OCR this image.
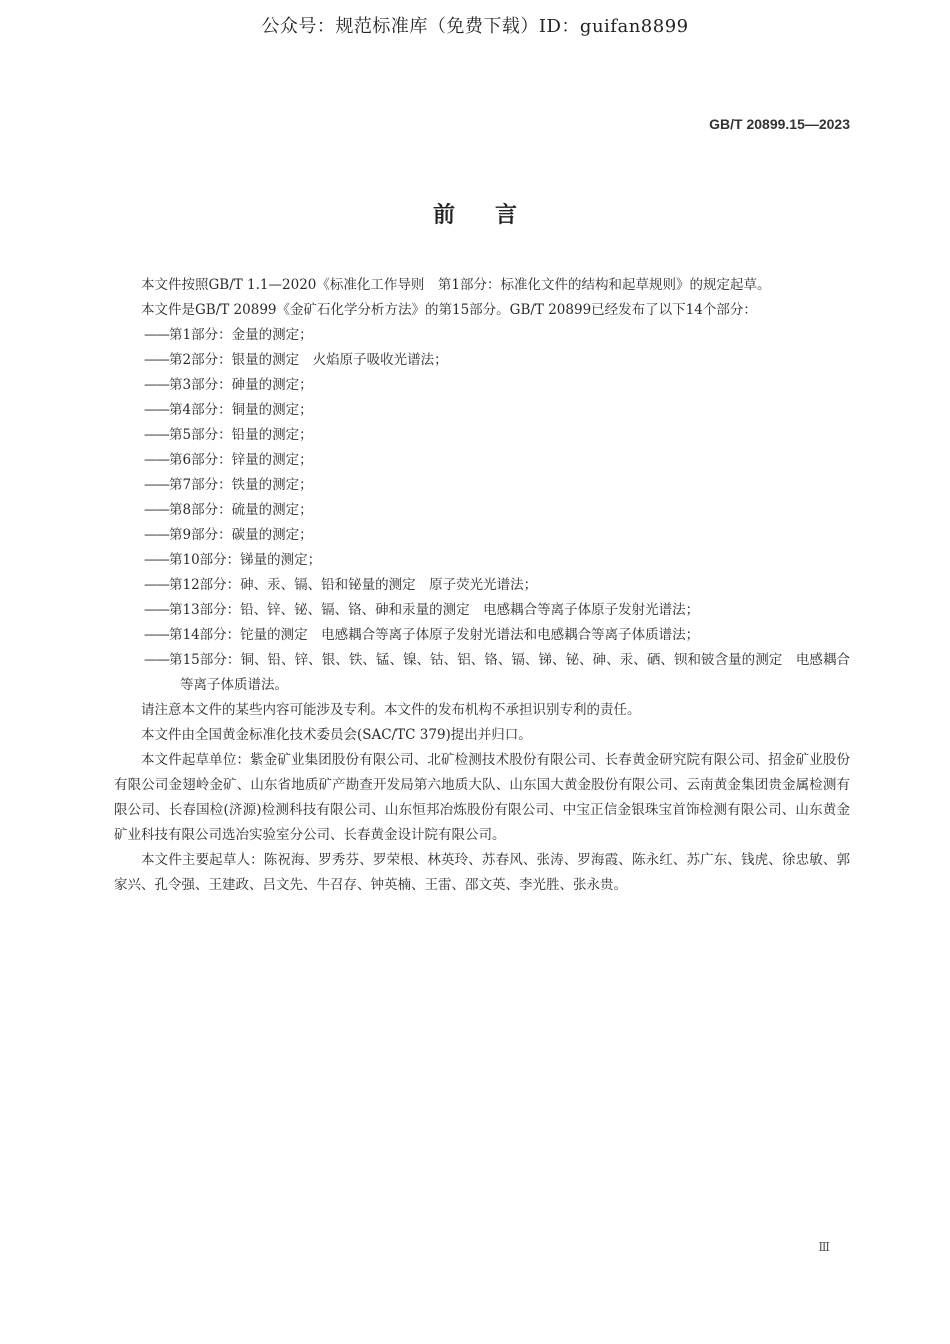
公众号：规范标准库（免费下载）ID：guifan8899
GB/T 20899.15—2023
前言

本文件按照GB/T 1.1—2020《标准化工作导则　第1部分：标准化文件的结构和起草规则》的规定起草。

本文件是GB/T 20899《金矿石化学分析方法》的第15部分。GB/T 20899已经发布了以下14个部分：

——第1部分：金量的测定；

——第2部分：银量的测定　火焰原子吸收光谱法；

——第3部分：砷量的测定；

——第4部分：铜量的测定；

——第5部分：铅量的测定；

——第6部分：锌量的测定；

——第7部分：铁量的测定；

——第8部分：硫量的测定；

——第9部分：碳量的测定；

——第10部分：锑量的测定；

——第12部分：砷、汞、镉、铅和铋量的测定　原子荧光光谱法；

——第13部分：铅、锌、铋、镉、铬、砷和汞量的测定　电感耦合等离子体原子发射光谱法；

——第14部分：铊量的测定　电感耦合等离子体原子发射光谱法和电感耦合等离子体质谱法；

——第15部分：铜、铅、锌、银、铁、锰、镍、钴、铝、铬、镉、锑、铋、砷、汞、硒、钡和铍含量的测定　电感耦合等离子体质谱法。

请注意本文件的某些内容可能涉及专利。本文件的发布机构不承担识别专利的责任。

本文件由全国黄金标准化技术委员会(SAC/TC 379)提出并归口。

本文件起草单位：紫金矿业集团股份有限公司、北矿检测技术股份有限公司、长春黄金研究院有限公司、招金矿业股份有限公司金翅岭金矿、山东省地质矿产勘查开发局第六地质大队、山东国大黄金股份有限公司、云南黄金集团贵金属检测有限公司、长春国检(济源)检测科技有限公司、山东恒邦冶炼股份有限公司、中宝正信金银珠宝首饰检测有限公司、山东黄金矿业科技有限公司选冶实验室分公司、长春黄金设计院有限公司。

本文件主要起草人：陈祝海、罗秀芬、罗荣根、林英玲、苏春风、张涛、罗海霞、陈永红、苏广东、钱虎、徐忠敏、郭家兴、孔令强、王建政、吕文先、牛召存、钟英楠、王雷、邵文英、李光胜、张永贵。

Ⅲ
